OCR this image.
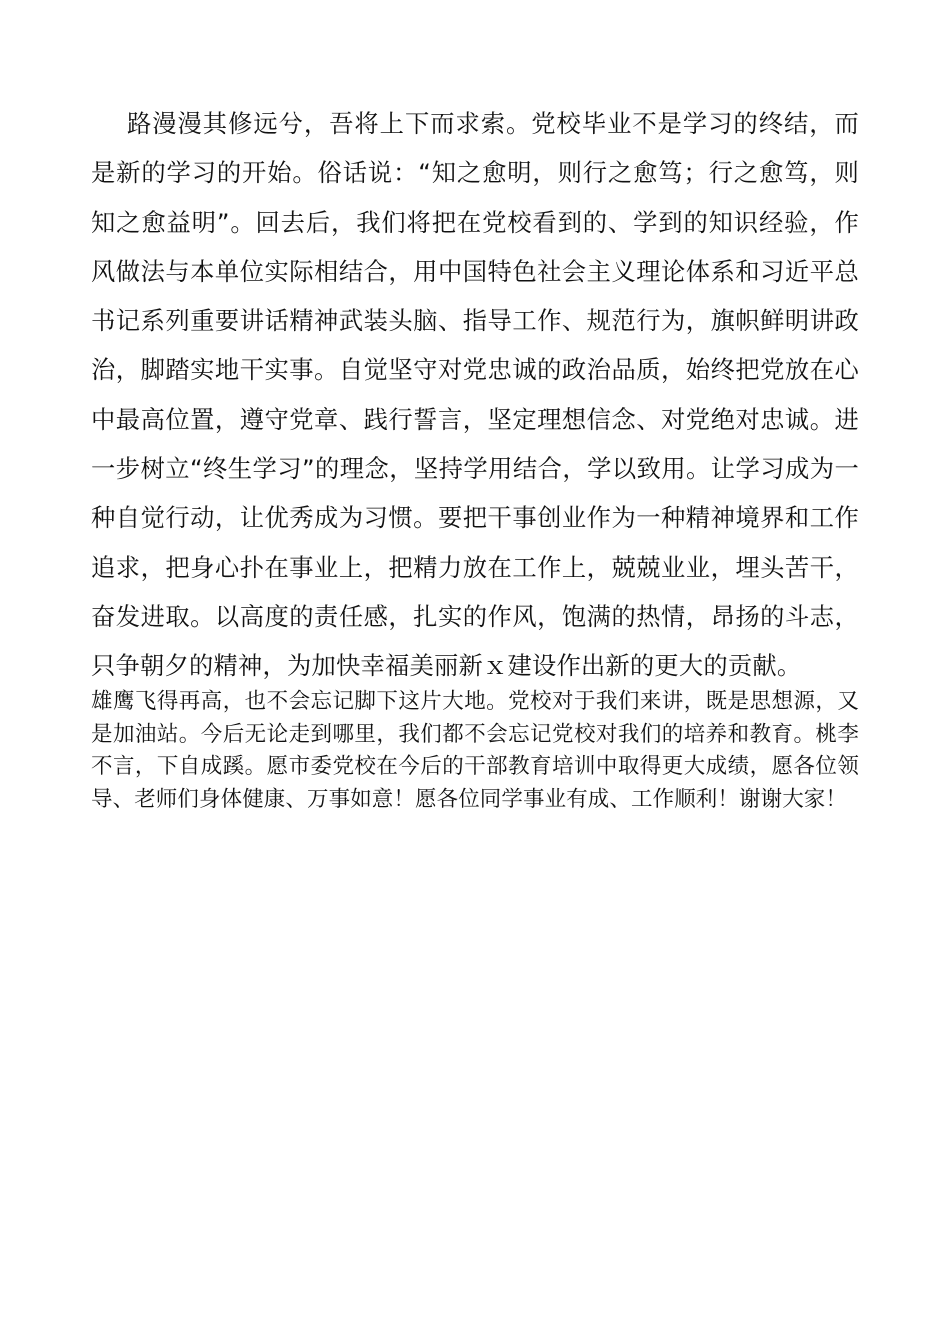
路漫漫其修远兮，吾将上下而求索。党校毕业不是学习的终结，而是新的学习的开始。俗话说：“知之愈明，则行之愈笃；行之愈笃，则知之愈益明”。回去后，我们将把在党校看到的、学到的知识经验，作风做法与本单位实际相结合，用中国特色社会主义理论体系和习近平总书记系列重要讲话精神武装头脑、指导工作、规范行为，旗帜鲜明讲政治，脚踏实地干实事。自觉坚守对党忠诚的政治品质，始终把党放在心中最高位置，遵守党章、践行誓言，坚定理想信念、对党绝对忠诚。进一步树立“终生学习”的理念，坚持学用结合，学以致用。让学习成为一种自觉行动，让优秀成为习惯。要把干事创业作为一种精神境界和工作追求，把身心扑在事业上，把精力放在工作上，兢兢业业，埋头苦干，奋发进取。以高度的责任感，扎实的作风，饱满的热情，昂扬的斗志，只争朝夕的精神，为加快幸福美丽新ｘ建设作出新的更大的贡献。

雄鹰飞得再高，也不会忘记脚下这片大地。党校对于我们来讲，既是思想源，又是加油站。今后无论走到哪里，我们都不会忘记党校对我们的培养和教育。桃李不言，下自成蹊。愿市委党校在今后的干部教育培训中取得更大成绩，愿各位领导、老师们身体健康、万事如意！愿各位同学事业有成、工作顺利！谢谢大家！
